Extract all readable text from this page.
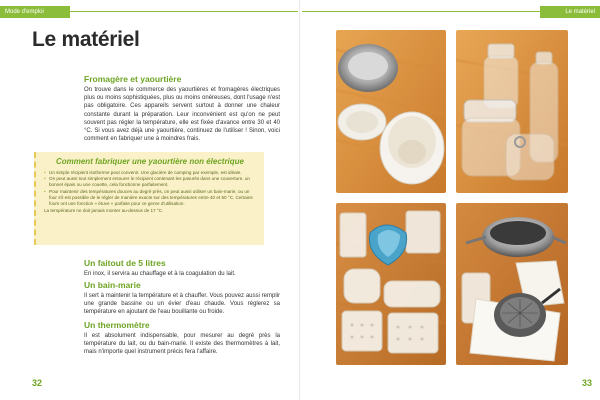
Mode d'emploi
Le matériel
Fromagère et yaourtière

On trouve dans le commerce des yaourtières et fromagères électriques plus ou moins sophistiquées, plus ou moins onéreuses, dont l'usage n'est pas obligatoire. Ces appareils servent surtout à donner une chaleur constante durant la préparation. Leur inconvénient est qu'on ne peut souvent pas régler la température, elle est fixée d'avance entre 30 et 40 °C. Si vous avez déjà une yaourtière, continuez de l'utiliser ! Sinon, voici comment en fabriquer une à moindres frais.

Comment fabriquer une yaourtière non électrique
• Un simple récipient isotherme peut convenir. Une glacière de camping par exemple, est idéale.
• On peut aussi tout simplement entourer le récipient contenant les pasurés dans une couverture, un bonnet épais ou une couette, cela fonctionne parfaitement.
• Pour maintenir des températures douces au degré près, on peut aussi utiliser un bain-marie, ou un four s'il est possible de le régler de manière exacte sur des températures entre 40 et 50 °C. Certains fours ont une fonction « étuve » parfaite pour ce genre d'utilisation.
La température ne doit jamais monter au-dessus de 17 °C.
Un faitout de 5 litres

En inox, il servira au chauffage et à la coagulation du lait.

Un bain-marie

Il sert à maintenir la température et à chauffer. Vous pouvez aussi remplir une grande bassine ou un évier d'eau chaude. Vous réglerez sa température en ajoutant de l'eau bouillante ou froide.

Un thermomètre

Il est absolument indispensable, pour mesurer au degré près la température du lait, ou du bain-marie. Il existe des thermomètres à lait, mais n'importe quel instrument précis fera l'affaire.

32
Le matériel
33
